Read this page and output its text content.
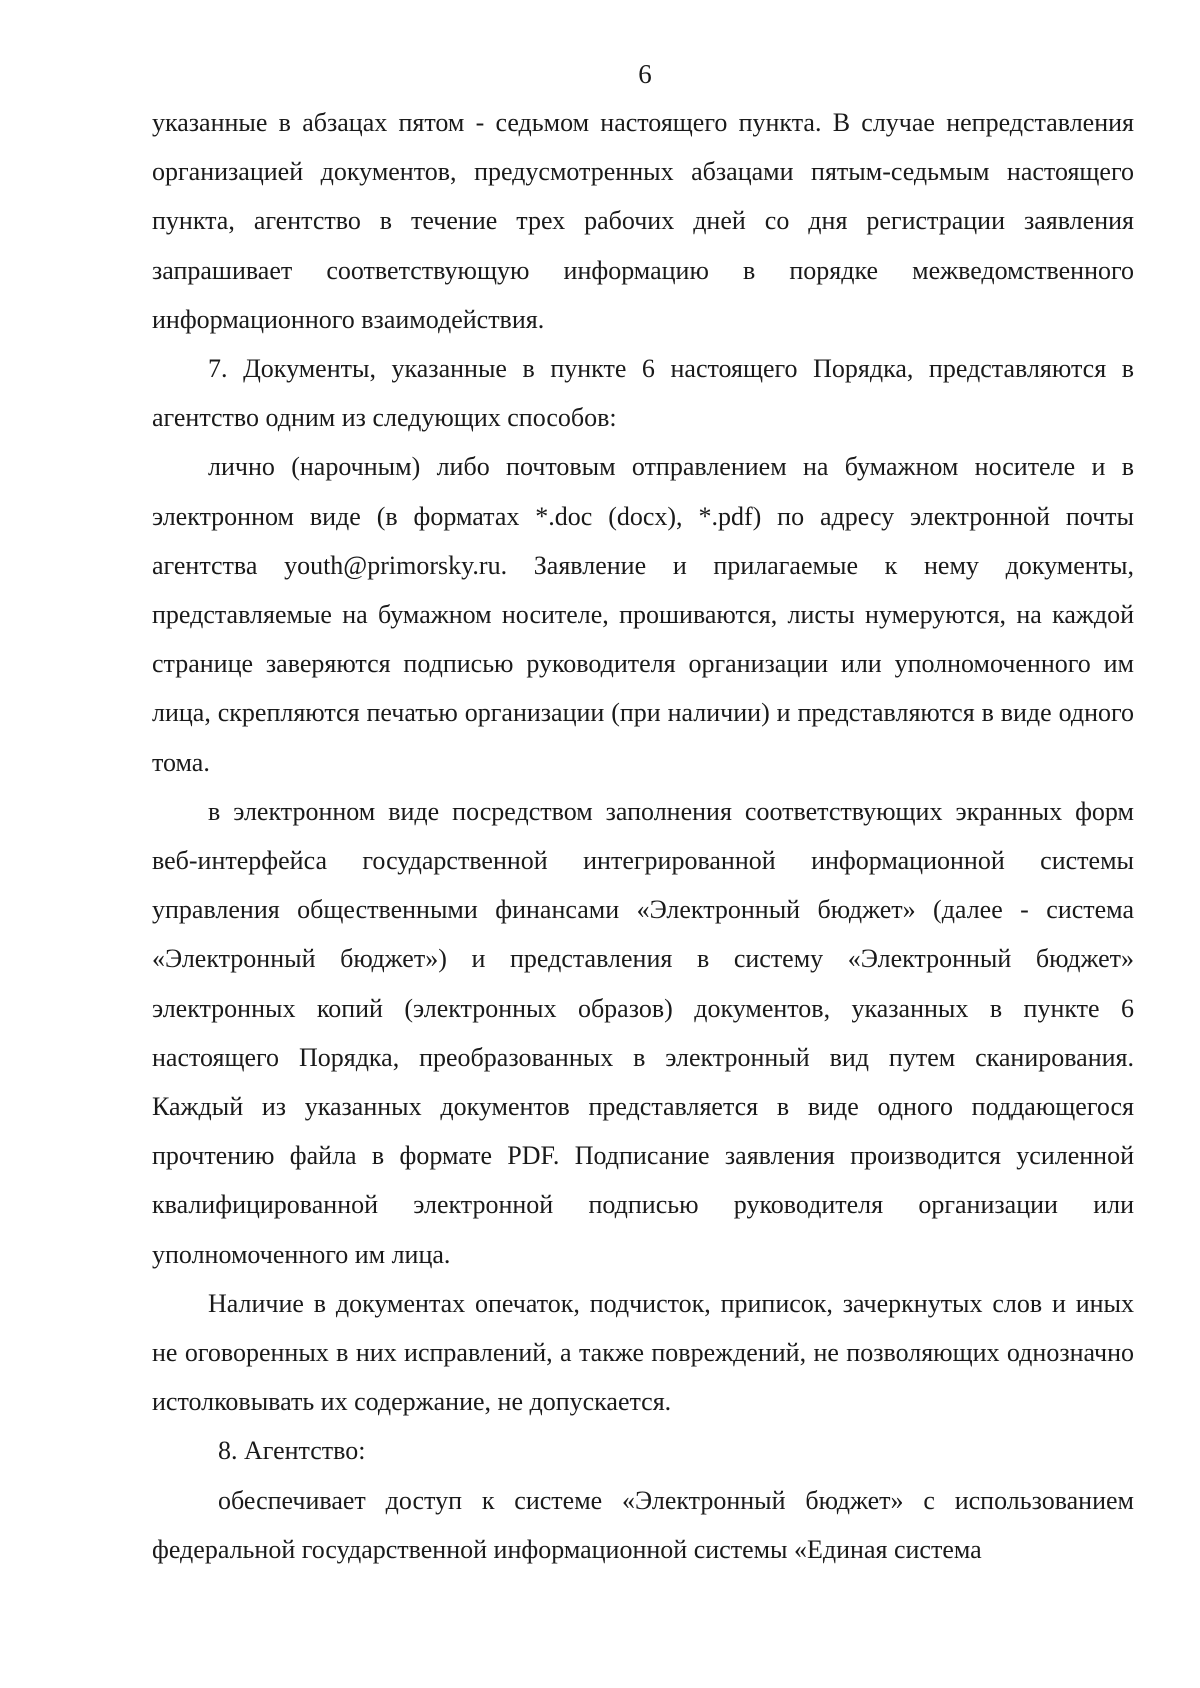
6

указанные в абзацах пятом - седьмом настоящего пункта. В случае непредставления организацией документов, предусмотренных абзацами пятым-седьмым настоящего пункта, агентство в течение трех рабочих дней со дня регистрации заявления запрашивает соответствующую информацию в порядке межведомственного информационного взаимодействия.

7. Документы, указанные в пункте 6 настоящего Порядка, представляются в агентство одним из следующих способов:

лично (нарочным) либо почтовым отправлением на бумажном носителе и в электронном виде (в форматах *.doc (docx), *.pdf) по адресу электронной почты агентства youth@primorsky.ru. Заявление и прилагаемые к нему документы, представляемые на бумажном носителе, прошиваются, листы нумеруются, на каждой странице заверяются подписью руководителя организации или уполномоченного им лица, скрепляются печатью организации (при наличии) и представляются в виде одного тома.

в электронном виде посредством заполнения соответствующих экранных форм веб-интерфейса государственной интегрированной информационной системы управления общественными финансами «Электронный бюджет» (далее - система «Электронный бюджет») и представления в систему «Электронный бюджет» электронных копий (электронных образов) документов, указанных в пункте 6 настоящего Порядка, преобразованных в электронный вид путем сканирования. Каждый из указанных документов представляется в виде одного поддающегося прочтению файла в формате PDF. Подписание заявления производится усиленной квалифицированной электронной подписью руководителя организации или уполномоченного им лица.

Наличие в документах опечаток, подчисток, приписок, зачеркнутых слов и иных не оговоренных в них исправлений, а также повреждений, не позволяющих однозначно истолковывать их содержание, не допускается.

8. Агентство:

обеспечивает доступ к системе «Электронный бюджет» с использованием федеральной государственной информационной системы «Единая система
